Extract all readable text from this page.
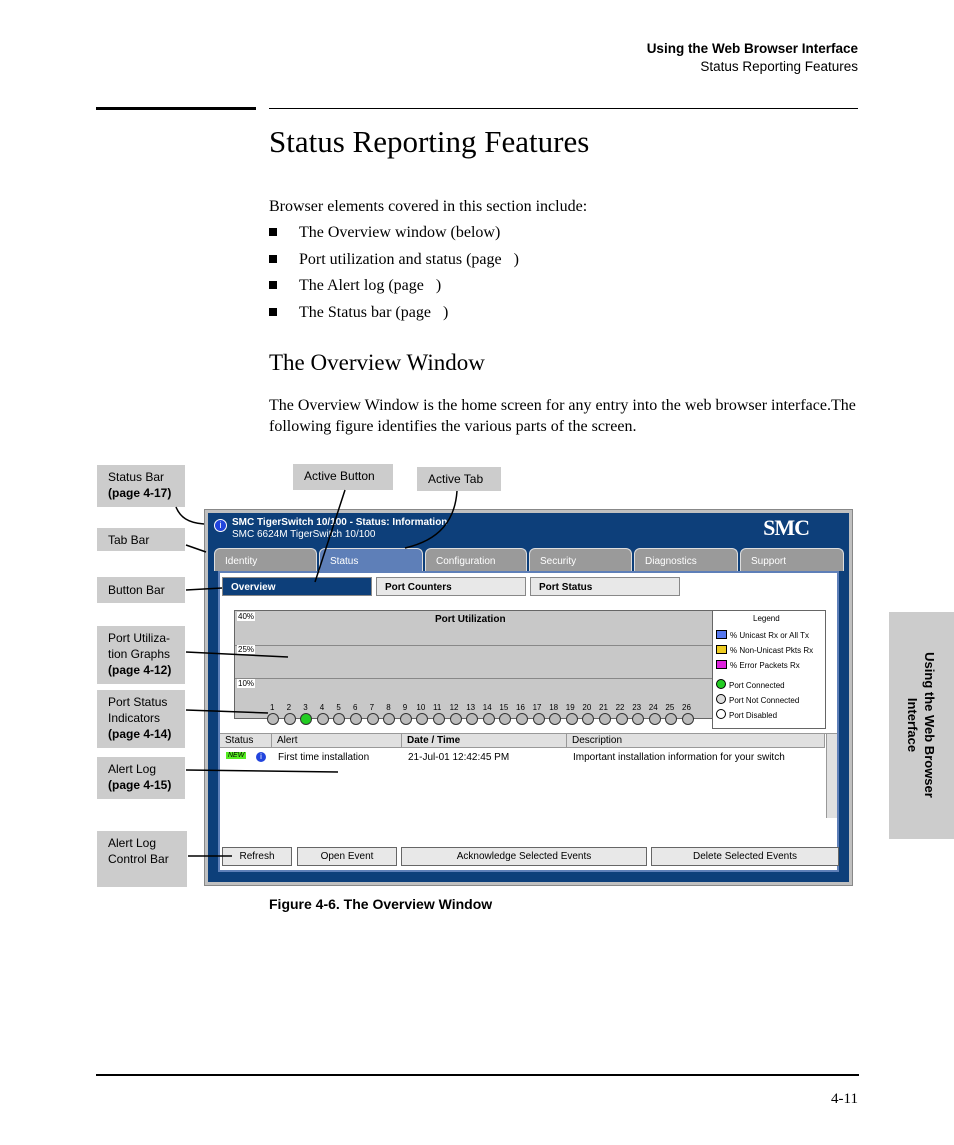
Using the Web Browser Interface
Status Reporting Features
Status Reporting Features
Browser elements covered in this section include:
The Overview window (below)
Port utilization and status (page   )
The Alert log (page   )
The Status bar (page   )
The Overview Window
The Overview Window is the home screen for any entry into the web browser interface.The following figure identifies the various parts of the screen.
Using the Web Browser
Interface
Status Bar
(page 4-17)
Tab Bar
Button Bar
Port Utiliza-
tion Graphs
(page 4-12)
Port Status
Indicators
(page 4-14)
Alert Log
(page 4-15)
Alert Log
Control Bar
Active Button	Active Tab
i	SMC TigerSwitch 10/100 - Status: Information
SMC 6624M TigerSwitch 10/100	SMC
Identity	Status	Configuration	Security	Diagnostics	Support
Overview	Port Counters	Port Status
Port Utilization
40%
25%
10%
Legend
% Unicast Rx or All Tx
% Non-Unicast Pkts Rx
% Error Packets Rx
Port Connected
Port Not Connected
Port Disabled
1 2 3 4 5 6 7 8 9 10 11 12 13 14 15 16 17 18 19 20 21 22 23 24 25 26
Status	Alert	Date / Time	Description
NEW	i	First time installation	21-Jul-01 12:42:45 PM	Important installation information for your switch
Refresh	Open Event	Acknowledge Selected Events	Delete Selected Events
Figure 4-6. The Overview Window
4-11
